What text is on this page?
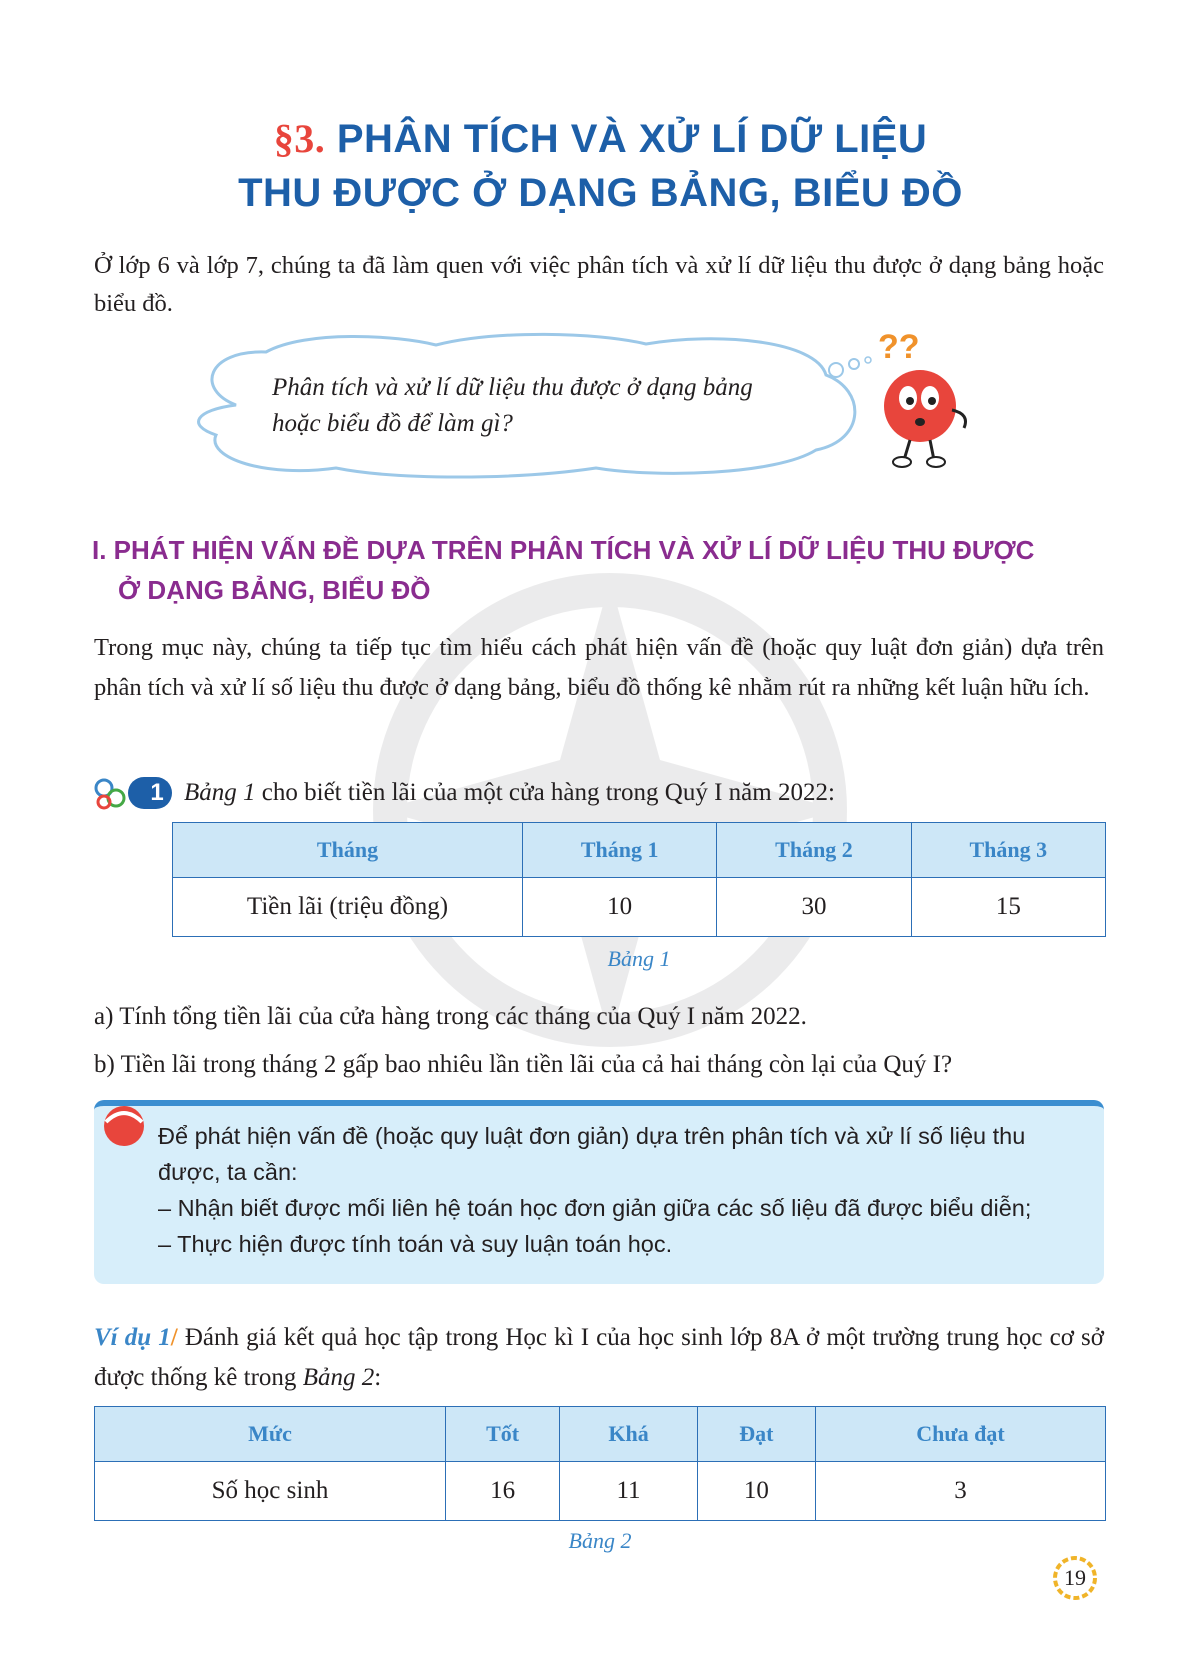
§3. PHÂN TÍCH VÀ XỬ LÍ DỮ LIỆU
THU ĐƯỢC Ở DẠNG BẢNG, BIỂU ĐỒ
Ở lớp 6 và lớp 7, chúng ta đã làm quen với việc phân tích và xử lí dữ liệu thu được ở dạng bảng hoặc biểu đồ.
Phân tích và xử lí dữ liệu thu được ở dạng bảng
hoặc biểu đồ để làm gì?
??
I. PHÁT HIỆN VẤN ĐỀ DỰA TRÊN PHÂN TÍCH VÀ XỬ LÍ DỮ LIỆU THU ĐƯỢC
Ở DẠNG BẢNG, BIỂU ĐỒ
Trong mục này, chúng ta tiếp tục tìm hiểu cách phát hiện vấn đề (hoặc quy luật đơn giản) dựa trên phân tích và xử lí số liệu thu được ở dạng bảng, biểu đồ thống kê nhằm rút ra những kết luận hữu ích.
1 Bảng 1 cho biết tiền lãi của một cửa hàng trong Quý I năm 2022:
Tháng	Tháng 1	Tháng 2	Tháng 3
Tiền lãi (triệu đồng)	10	30	15
Bảng 1
a) Tính tổng tiền lãi của cửa hàng trong các tháng của Quý I năm 2022.
b) Tiền lãi trong tháng 2 gấp bao nhiêu lần tiền lãi của cả hai tháng còn lại của Quý I?
Để phát hiện vấn đề (hoặc quy luật đơn giản) dựa trên phân tích và xử lí số liệu thu
được, ta cần:
– Nhận biết được mối liên hệ toán học đơn giản giữa các số liệu đã được biểu diễn;
– Thực hiện được tính toán và suy luận toán học.
Ví dụ 1/ Đánh giá kết quả học tập trong Học kì I của học sinh lớp 8A ở một trường trung học cơ sở được thống kê trong Bảng 2:
Mức	Tốt	Khá	Đạt	Chưa đạt
Số học sinh	16	11	10	3
Bảng 2
19
